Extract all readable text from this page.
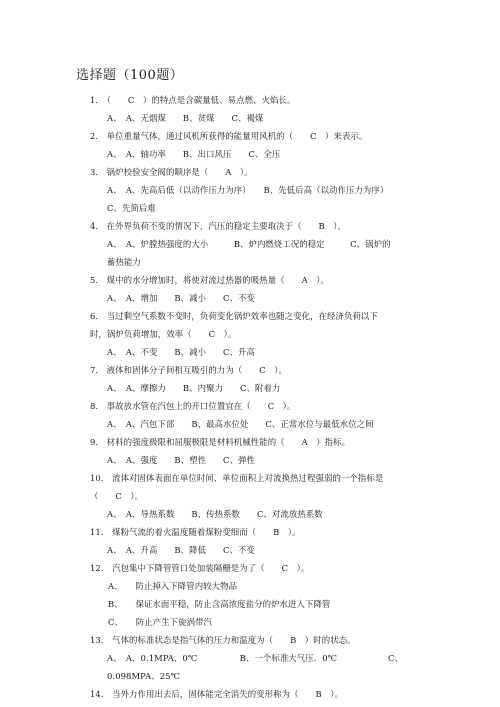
选择题（100题）
1.　（　　C　）的特点是含碳量低、易点燃、火焰长。
A、　A、无烟煤　　B、贫煤　　C、褐煤
2.　单位重量气体，通过风机所获得的能量用风机的（　　C　）来表示。
A、　A、轴功率　　B、出口风压　　C、全压
3.　锅炉校验安全阀的顺序是（　　A　）。
A、　A、先高后低（以动作压力为序）　　B、先低后高（以动作压力为序）
C、先简后难
4.　在外界负荷不变的情况下，汽压的稳定主要取决于（　　B　）。
A、　A、炉膛热强度的大小　　　B、炉内燃烧工况的稳定　　　C、锅炉的
蓄热能力
5.　煤中的水分增加时，将使对流过热器的吸热量（　　A　）。
A、　A、增加　　B、减小　　C、不变
6.　当过剩空气系数不变时，负荷变化锅炉效率也随之变化，在经济负荷以下
时，锅炉负荷增加，效率（　　C　）。
A、　A、不变　　B、减小　　C、升高
7.　液体和固体分子间相互吸引的力为（　　C　）。
A、　A、摩擦力　　B、内聚力　　C、附着力
8.　事故放水管在汽包上的开口位置宜在（　　C　）。
A、　A、汽包下部　　B、最高水位处　　C、正常水位与最低水位之间
9.　材料的强度极限和屈服极限是材料机械性能的（　　A　）指标。
A、　A、强度　　B、塑性　　C、弹性
10.　流体对固体表面在单位时间、单位面积上对流换热过程强弱的一个指标是
（　　C　）。
A、　A、导热系数　　B、传热系数　　C、对流放热系数
11.　煤粉气流的着火温度随着煤粉变细而（　　B　）。
A、　A、升高　　B、降低　　C、不变
12.　汽包集中下降管管口处加装隔栅是为了（　　C　）。
A、　　防止掉入下降管内较大物品
B、　　保证水面平稳，防止含高浓度盐分的炉水进入下降管
C、　　防止产生下旋涡带汽
13.　气体的标准状态是指气体的压力和温度为（　　B　）时的状态。
A、　A、0.1MPA、0℃　　　　　B、一个标准大气压．0℃　　　　　　C、
0.098MPA、25℃
14.　当外力作用出去后，固体能完全消失的变形称为（　　B　）。
